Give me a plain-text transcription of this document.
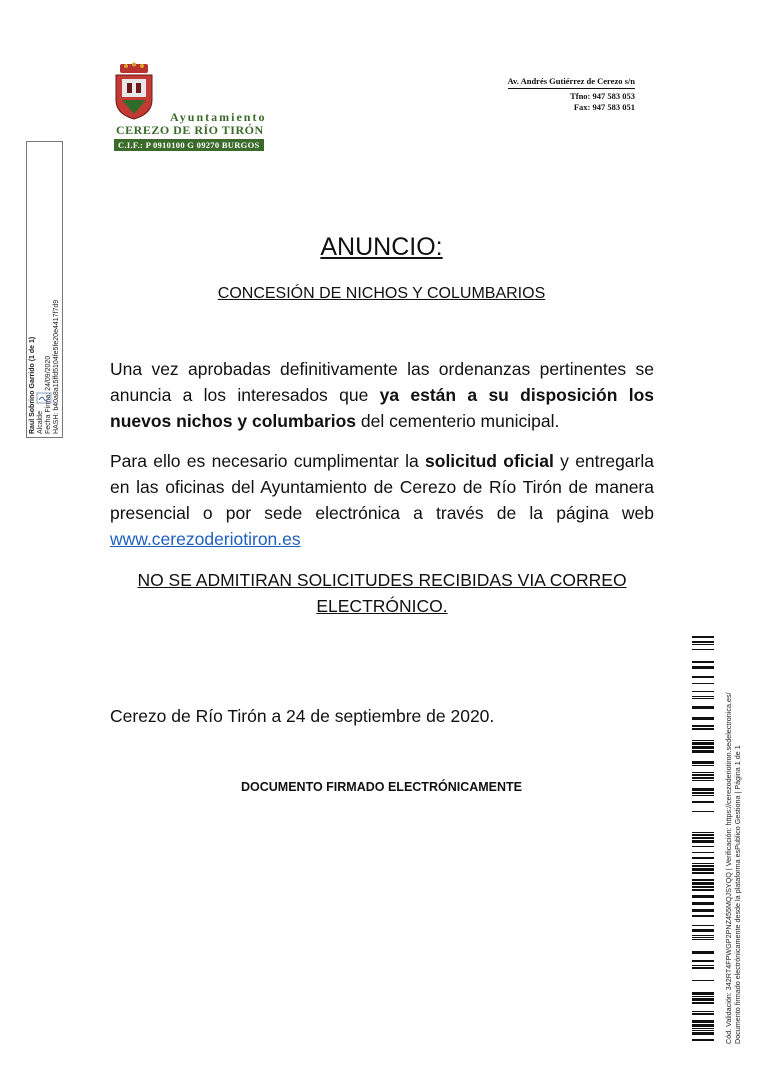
Ayuntamiento
CEREZO DE RÍO TIRÓN
C.I.F.: P 0910100 G 09270 BURGOS
Av. Andrés Gutiérrez de Cerezo s/n
Tfno: 947 583 053
Fax: 947 583 051
Raul Sobrino Garrido (1 de 1) Alcalde Fecha Firma: 24/09/2020 HASH: b40a8a15ffd5104fe5fe20e4417f7d9
ANUNCIO:
CONCESIÓN DE NICHOS Y COLUMBARIOS
Una vez aprobadas definitivamente las ordenanzas pertinentes se anuncia a los interesados que ya están a su disposición los nuevos nichos y columbarios del cementerio municipal.
Para ello es necesario cumplimentar la solicitud oficial y entregarla en las oficinas del Ayuntamiento de Cerezo de Río Tirón de manera presencial o por sede electrónica a través de la página web www.cerezoderiotiron.es
NO SE ADMITIRAN SOLICITUDES RECIBIDAS VIA CORREO ELECTRÓNICO.
Cerezo de Río Tirón a 24 de septiembre de 2020.
DOCUMENTO FIRMADO ELECTRÓNICAMENTE	Cód. Validación: 342RT4FPWGP2PNZ455MQJSYQQ | Verificación: https://cerezoderiotiron.sedelectronica.es/ Documento firmado electrónicamente desde la plataforma esPublico Gestiona | Página 1 de 1
